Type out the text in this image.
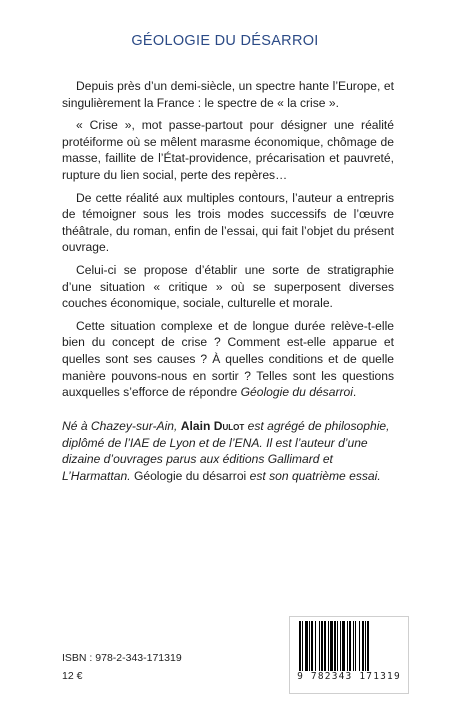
GÉOLOGIE DU DÉSARROI

Depuis près d’un demi-siècle, un spectre hante l’Europe, et singulièrement la France : le spectre de « la crise ».

« Crise », mot passe-partout pour désigner une réalité protéiforme où se mêlent marasme économique, chômage de masse, faillite de l’État-providence, précarisation et pauvreté, rupture du lien social, perte des repères…

De cette réalité aux multiples contours, l’auteur a entrepris de témoigner sous les trois modes successifs de l’œuvre théâtrale, du roman, enfin de l’essai, qui fait l’objet du présent ouvrage.

Celui-ci se propose d’établir une sorte de stratigraphie d’une situation « critique » où se superposent diverses couches économique, sociale, culturelle et morale.

Cette situation complexe et de longue durée relève-t-elle bien du concept de crise ? Comment est-elle apparue et quelles sont ses causes ? À quelles conditions et de quelle manière pouvons-nous en sortir ? Telles sont les questions auxquelles s’efforce de répondre Géologie du désarroi.

Né à Chazey-sur-Ain, Alain Dulot est agrégé de philosophie, diplômé de l’IAE de Lyon et de l’ENA. Il est l’auteur d’une dizaine d’ouvrages parus aux éditions Gallimard et L’Harmattan. Géologie du désarroi est son quatrième essai.
ISBN : 978-2-343-171319
12 €	9 782343 171319
